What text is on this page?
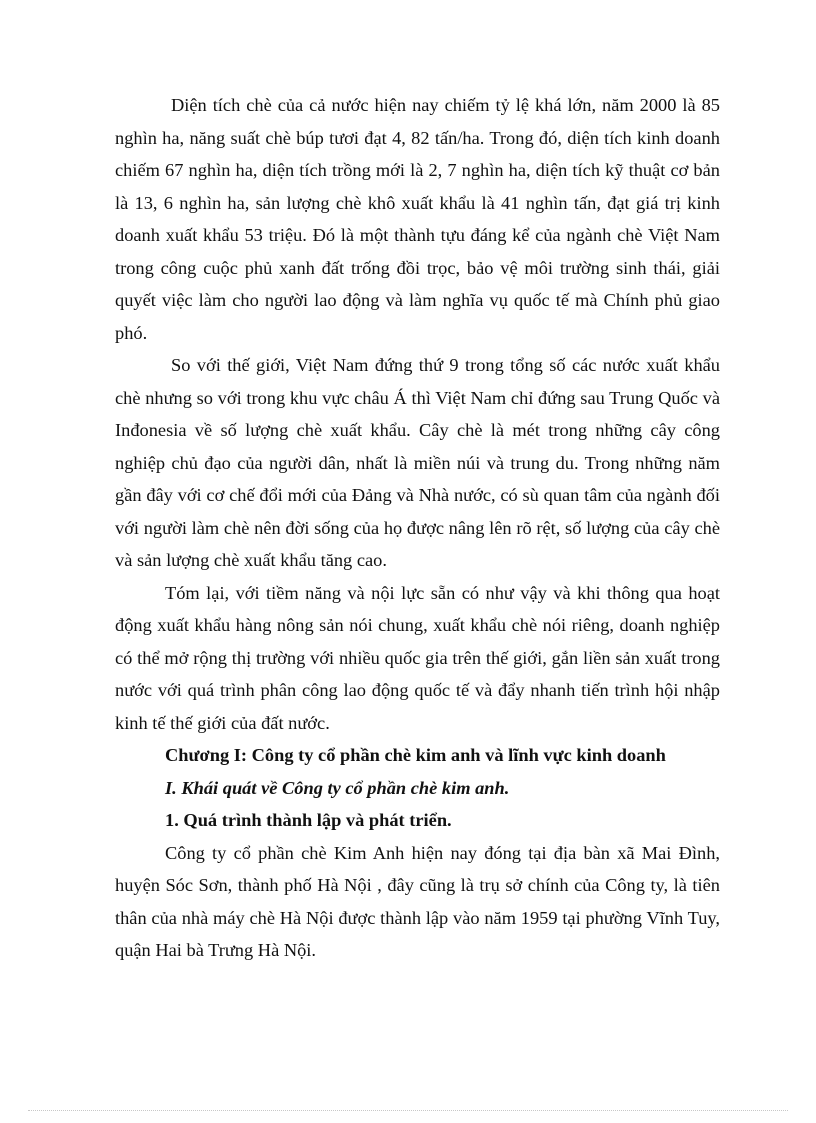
Diện tích chè của cả nước hiện nay chiếm tỷ lệ khá lớn, năm 2000 là 85 nghìn ha, năng suất chè búp tươi đạt 4, 82 tấn/ha. Trong đó, diện tích kinh doanh chiếm 67 nghìn ha, diện tích trồng mới là 2, 7 nghìn ha, diện tích kỹ thuật cơ bản là 13, 6 nghìn ha, sản lượng chè khô xuất khẩu là 41 nghìn tấn, đạt giá trị kinh doanh xuất khẩu 53 triệu. Đó là một thành tựu đáng kể của ngành chè Việt Nam trong công cuộc phủ xanh đất trống đồi trọc, bảo vệ môi trường sinh thái, giải quyết việc làm cho người lao động và làm nghĩa vụ quốc tế mà Chính phủ giao phó.

So với thế giới, Việt Nam đứng thứ 9 trong tổng số các nước xuất khẩu chè nhưng so với trong khu vực châu Á thì Việt Nam chỉ đứng sau Trung Quốc và Inđonesia về số lượng chè xuất khẩu. Cây chè là mét trong những cây công nghiệp chủ đạo của người dân, nhất là miền núi và trung du. Trong những năm gần đây với cơ chế đổi mới của Đảng và Nhà nước, có sù quan tâm của ngành đối với người làm chè nên đời sống của họ được nâng lên rõ rệt, số lượng của cây chè và sản lượng chè xuất khẩu tăng cao.

Tóm lại, với tiềm năng và nội lực sẵn có như vậy và khi thông qua hoạt động xuất khẩu hàng nông sản nói chung, xuất khẩu chè nói riêng, doanh nghiệp có thể mở rộng thị trường với nhiều quốc gia trên thế giới, gắn liền sản xuất trong nước với quá trình phân công lao động quốc tế và đẩy nhanh tiến trình hội nhập kinh tế thế giới của đất nước.

Chương I: Công ty cổ phần chè kim anh và lĩnh vực kinh doanh

I. Khái quát về Công ty cổ phần chè kim anh.

1. Quá trình thành lập và phát triển.

Công ty cổ phần chè Kim Anh hiện nay đóng tại địa bàn xã Mai Đình, huyện Sóc Sơn, thành phố Hà Nội , đây cũng là trụ sở chính của Công ty, là tiên thân của nhà máy chè Hà Nội được thành lập vào năm 1959 tại phường Vĩnh Tuy, quận Hai bà Trưng Hà Nội.
